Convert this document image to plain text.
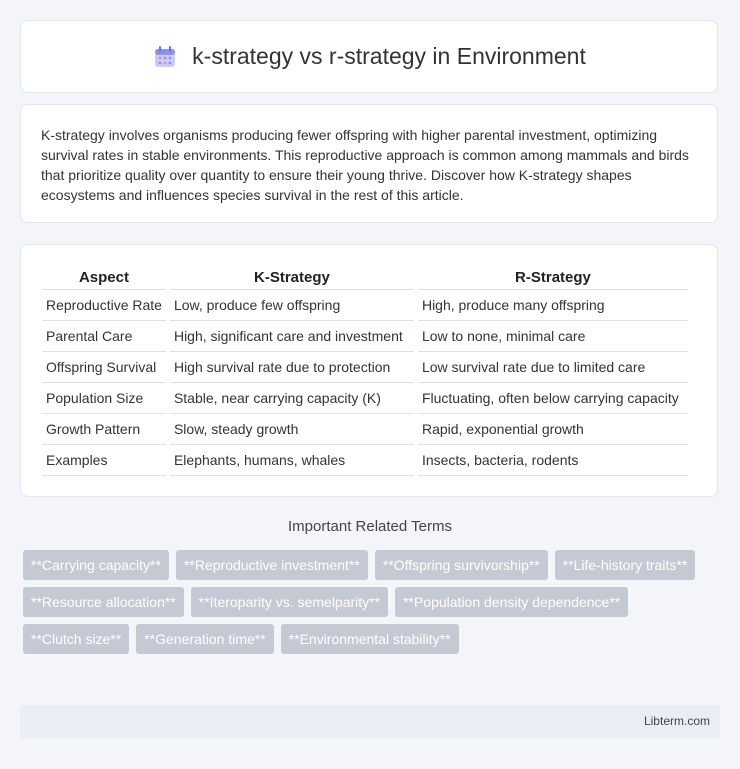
k-strategy vs r-strategy in Environment

K-strategy involves organisms producing fewer offspring with higher parental investment, optimizing survival rates in stable environments. This reproductive approach is common among mammals and birds that prioritize quality over quantity to ensure their young thrive. Discover how K-strategy shapes ecosystems and influences species survival in the rest of this article.

Aspect	K-Strategy	R-Strategy
Reproductive Rate	Low, produce few offspring	High, produce many offspring
Parental Care	High, significant care and investment	Low to none, minimal care
Offspring Survival	High survival rate due to protection	Low survival rate due to limited care
Population Size	Stable, near carrying capacity (K)	Fluctuating, often below carrying capacity
Growth Pattern	Slow, steady growth	Rapid, exponential growth
Examples	Elephants, humans, whales	Insects, bacteria, rodents
Important Related Terms
**Carrying capacity**	**Reproductive investment**	**Offspring survivorship**	**Life-history traits**
**Resource allocation**	**Iteroparity vs. semelparity**	**Population density dependence**
**Clutch size**	**Generation time**	**Environmental stability**
Libterm.com
